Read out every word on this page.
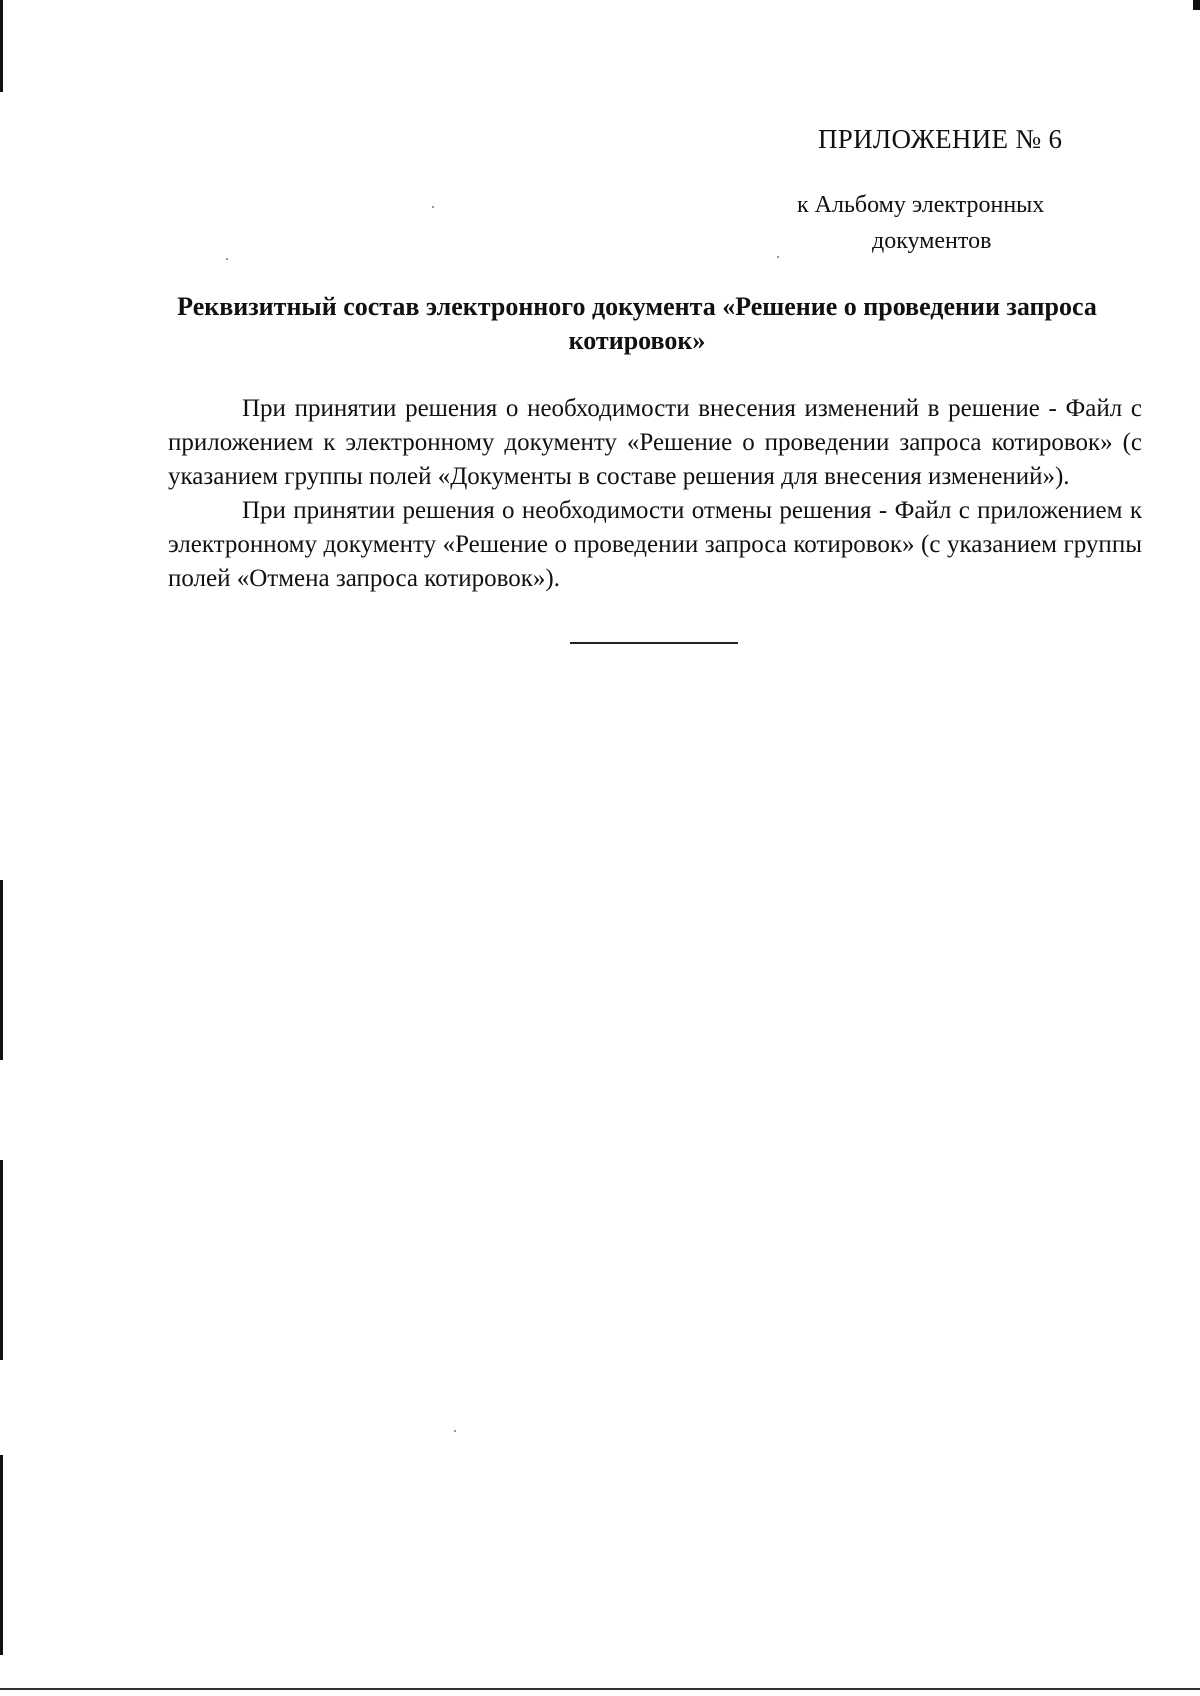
ПРИЛОЖЕНИЕ № 6
к Альбому электронных
документов
Реквизитный состав электронного документа «Решение о проведении запроса котировок»

При принятии решения о необходимости внесения изменений в решение - Файл с приложением к электронному документу «Решение о проведении запроса котировок» (с указанием группы полей «Документы в составе решения для внесения изменений»).

При принятии решения о необходимости отмены решения - Файл с приложением к электронному документу «Решение о проведении запроса котировок» (с указанием группы полей «Отмена запроса котировок»).
